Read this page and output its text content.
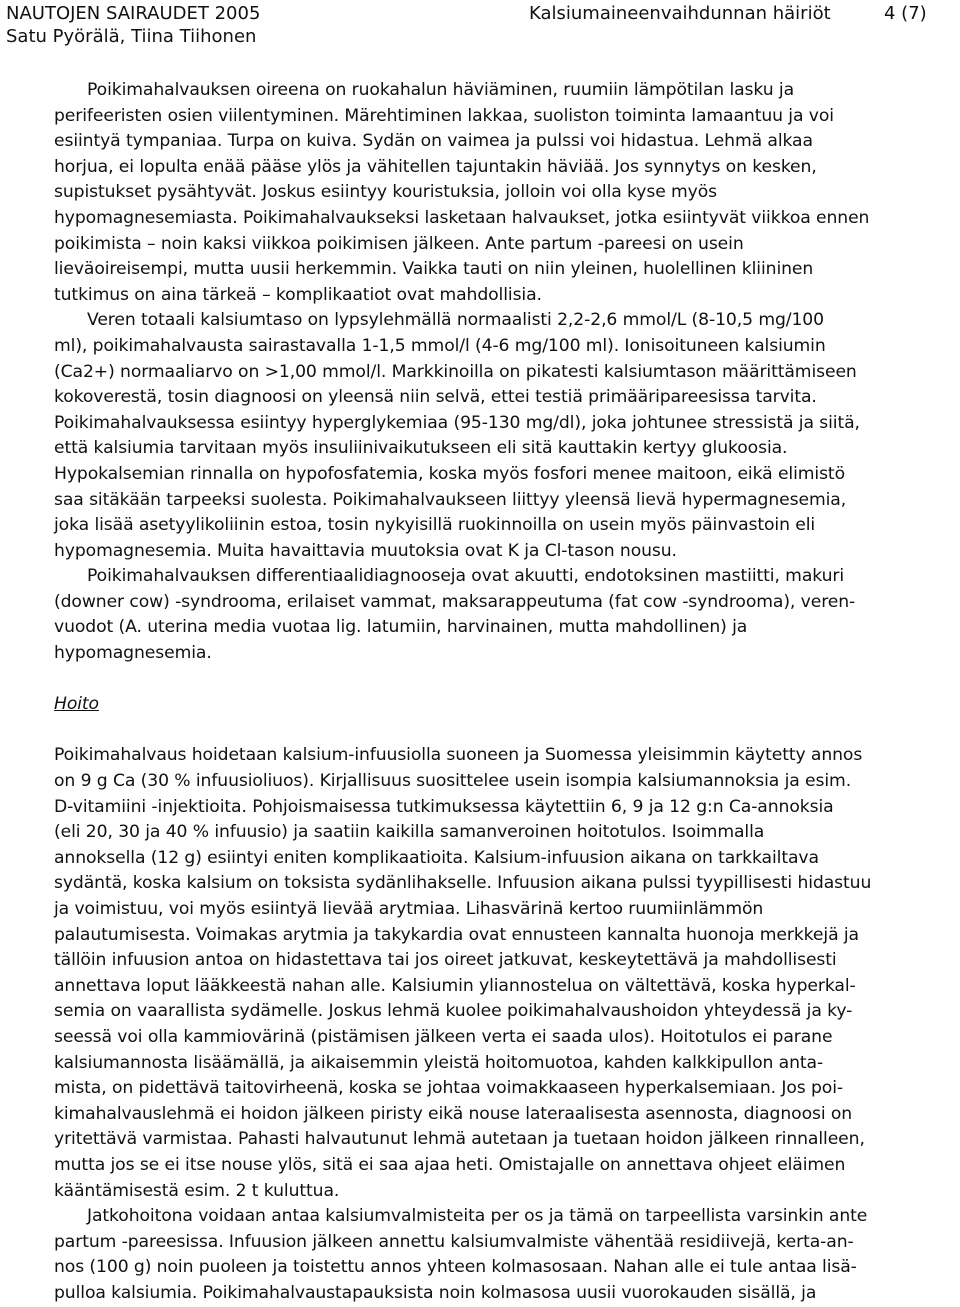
NAUTOJEN SAIRAUDET 2005
Satu Pyörälä, Tiina Tiihonen
Kalsiumaineenvaihdunnan häiriöt	4 (7)
Poikimahalvauksen oireena on ruokahalun häviäminen, ruumiin lämpötilan lasku ja
perifeeristen osien viilentyminen. Märehtiminen lakkaa, suoliston toiminta lamaantuu ja voi
esiintyä tympaniaa. Turpa on kuiva. Sydän on vaimea ja pulssi voi hidastua. Lehmä alkaa
horjua, ei lopulta enää pääse ylös ja vähitellen tajuntakin häviää. Jos synnytys on kesken,
supistukset pysähtyvät. Joskus esiintyy kouristuksia, jolloin voi olla kyse myös
hypomagnesemiasta. Poikimahalvaukseksi lasketaan halvaukset, jotka esiintyvät viikkoa ennen
poikimista – noin kaksi viikkoa poikimisen jälkeen. Ante partum -pareesi on usein
lieväoireisempi, mutta uusii herkemmin. Vaikka tauti on niin yleinen, huolellinen kliininen
tutkimus on aina tärkeä – komplikaatiot ovat mahdollisia.
Veren totaali kalsiumtaso on lypsylehmällä normaalisti 2,2-2,6 mmol/L (8-10,5 mg/100
ml), poikimahalvausta sairastavalla 1-1,5 mmol/l (4-6 mg/100 ml). Ionisoituneen kalsiumin
(Ca2+) normaaliarvo on >1,00 mmol/l. Markkinoilla on pikatesti kalsiumtason määrittämiseen
kokoverestä, tosin diagnoosi on yleensä niin selvä, ettei testiä primääripareesissa tarvita.
Poikimahalvauksessa esiintyy hyperglykemiaa (95-130 mg/dl), joka johtunee stressistä ja siitä,
että kalsiumia tarvitaan myös insuliinivaikutukseen eli sitä kauttakin kertyy glukoosia.
Hypokalsemian rinnalla on hypofosfatemia, koska myös fosfori menee maitoon, eikä elimistö
saa sitäkään tarpeeksi suolesta. Poikimahalvaukseen liittyy yleensä lievä hypermagnesemia,
joka lisää asetyylikoliinin estoa, tosin nykyisillä ruokinnoilla on usein myös päinvastoin eli
hypomagnesemia. Muita havaittavia muutoksia ovat K ja Cl-tason nousu.
Poikimahalvauksen differentiaalidiagnooseja ovat akuutti, endotoksinen mastiitti, makuri
(downer cow) -syndrooma, erilaiset vammat, maksarappeutuma (fat cow -syndrooma), veren-
vuodot (A. uterina media vuotaa lig. latumiin, harvinainen, mutta mahdollinen) ja
hypomagnesemia.
Hoito
Poikimahalvaus hoidetaan kalsium-infuusiolla suoneen ja Suomessa yleisimmin käytetty annos
on 9 g Ca (30 % infuusioliuos). Kirjallisuus suosittelee usein isompia kalsiumannoksia ja esim.
D-vitamiini -injektioita. Pohjoismaisessa tutkimuksessa käytettiin 6, 9 ja 12 g:n Ca-annoksia
(eli 20, 30 ja 40 % infuusio) ja saatiin kaikilla samanveroinen hoitotulos. Isoimmalla
annoksella (12 g) esiintyi eniten komplikaatioita. Kalsium-infuusion aikana on tarkkailtava
sydäntä, koska kalsium on toksista sydänlihakselle. Infuusion aikana pulssi tyypillisesti hidastuu
ja voimistuu, voi myös esiintyä lievää arytmiaa. Lihasvärinä kertoo ruumiinlämmön
palautumisesta. Voimakas arytmia ja takykardia ovat ennusteen kannalta huonoja merkkejä ja
tällöin infuusion antoa on hidastettava tai jos oireet jatkuvat, keskeytettävä ja mahdollisesti
annettava loput lääkkeestä nahan alle. Kalsiumin yliannostelua on vältettävä, koska hyperkal-
semia on vaarallista sydämelle. Joskus lehmä kuolee poikimahalvaushoidon yhteydessä ja ky-
seessä voi olla kammiovärinä (pistämisen jälkeen verta ei saada ulos). Hoitotulos ei parane
kalsiumannosta lisäämällä, ja aikaisemmin yleistä hoitomuotoa, kahden kalkkipullon anta-
mista, on pidettävä taitovirheenä, koska se johtaa voimakkaaseen hyperkalsemiaan. Jos poi-
kimahalvauslehmä ei hoidon jälkeen piristy eikä nouse lateraalisesta asennosta, diagnoosi on
yritettävä varmistaa. Pahasti halvautunut lehmä autetaan ja tuetaan hoidon jälkeen rinnalleen,
mutta jos se ei itse nouse ylös, sitä ei saa ajaa heti. Omistajalle on annettava ohjeet eläimen
kääntämisestä esim. 2 t kuluttua.
Jatkohoitona voidaan antaa kalsiumvalmisteita per os ja tämä on tarpeellista varsinkin ante
partum -pareesissa. Infuusion jälkeen annettu kalsiumvalmiste vähentää residiivejä, kerta-an-
nos (100 g) noin puoleen ja toistettu annos yhteen kolmasosaan. Nahan alle ei tule antaa lisä-
pulloa kalsiumia. Poikimahalvaustapauksista noin kolmasosa uusii vuorokauden sisällä, ja
